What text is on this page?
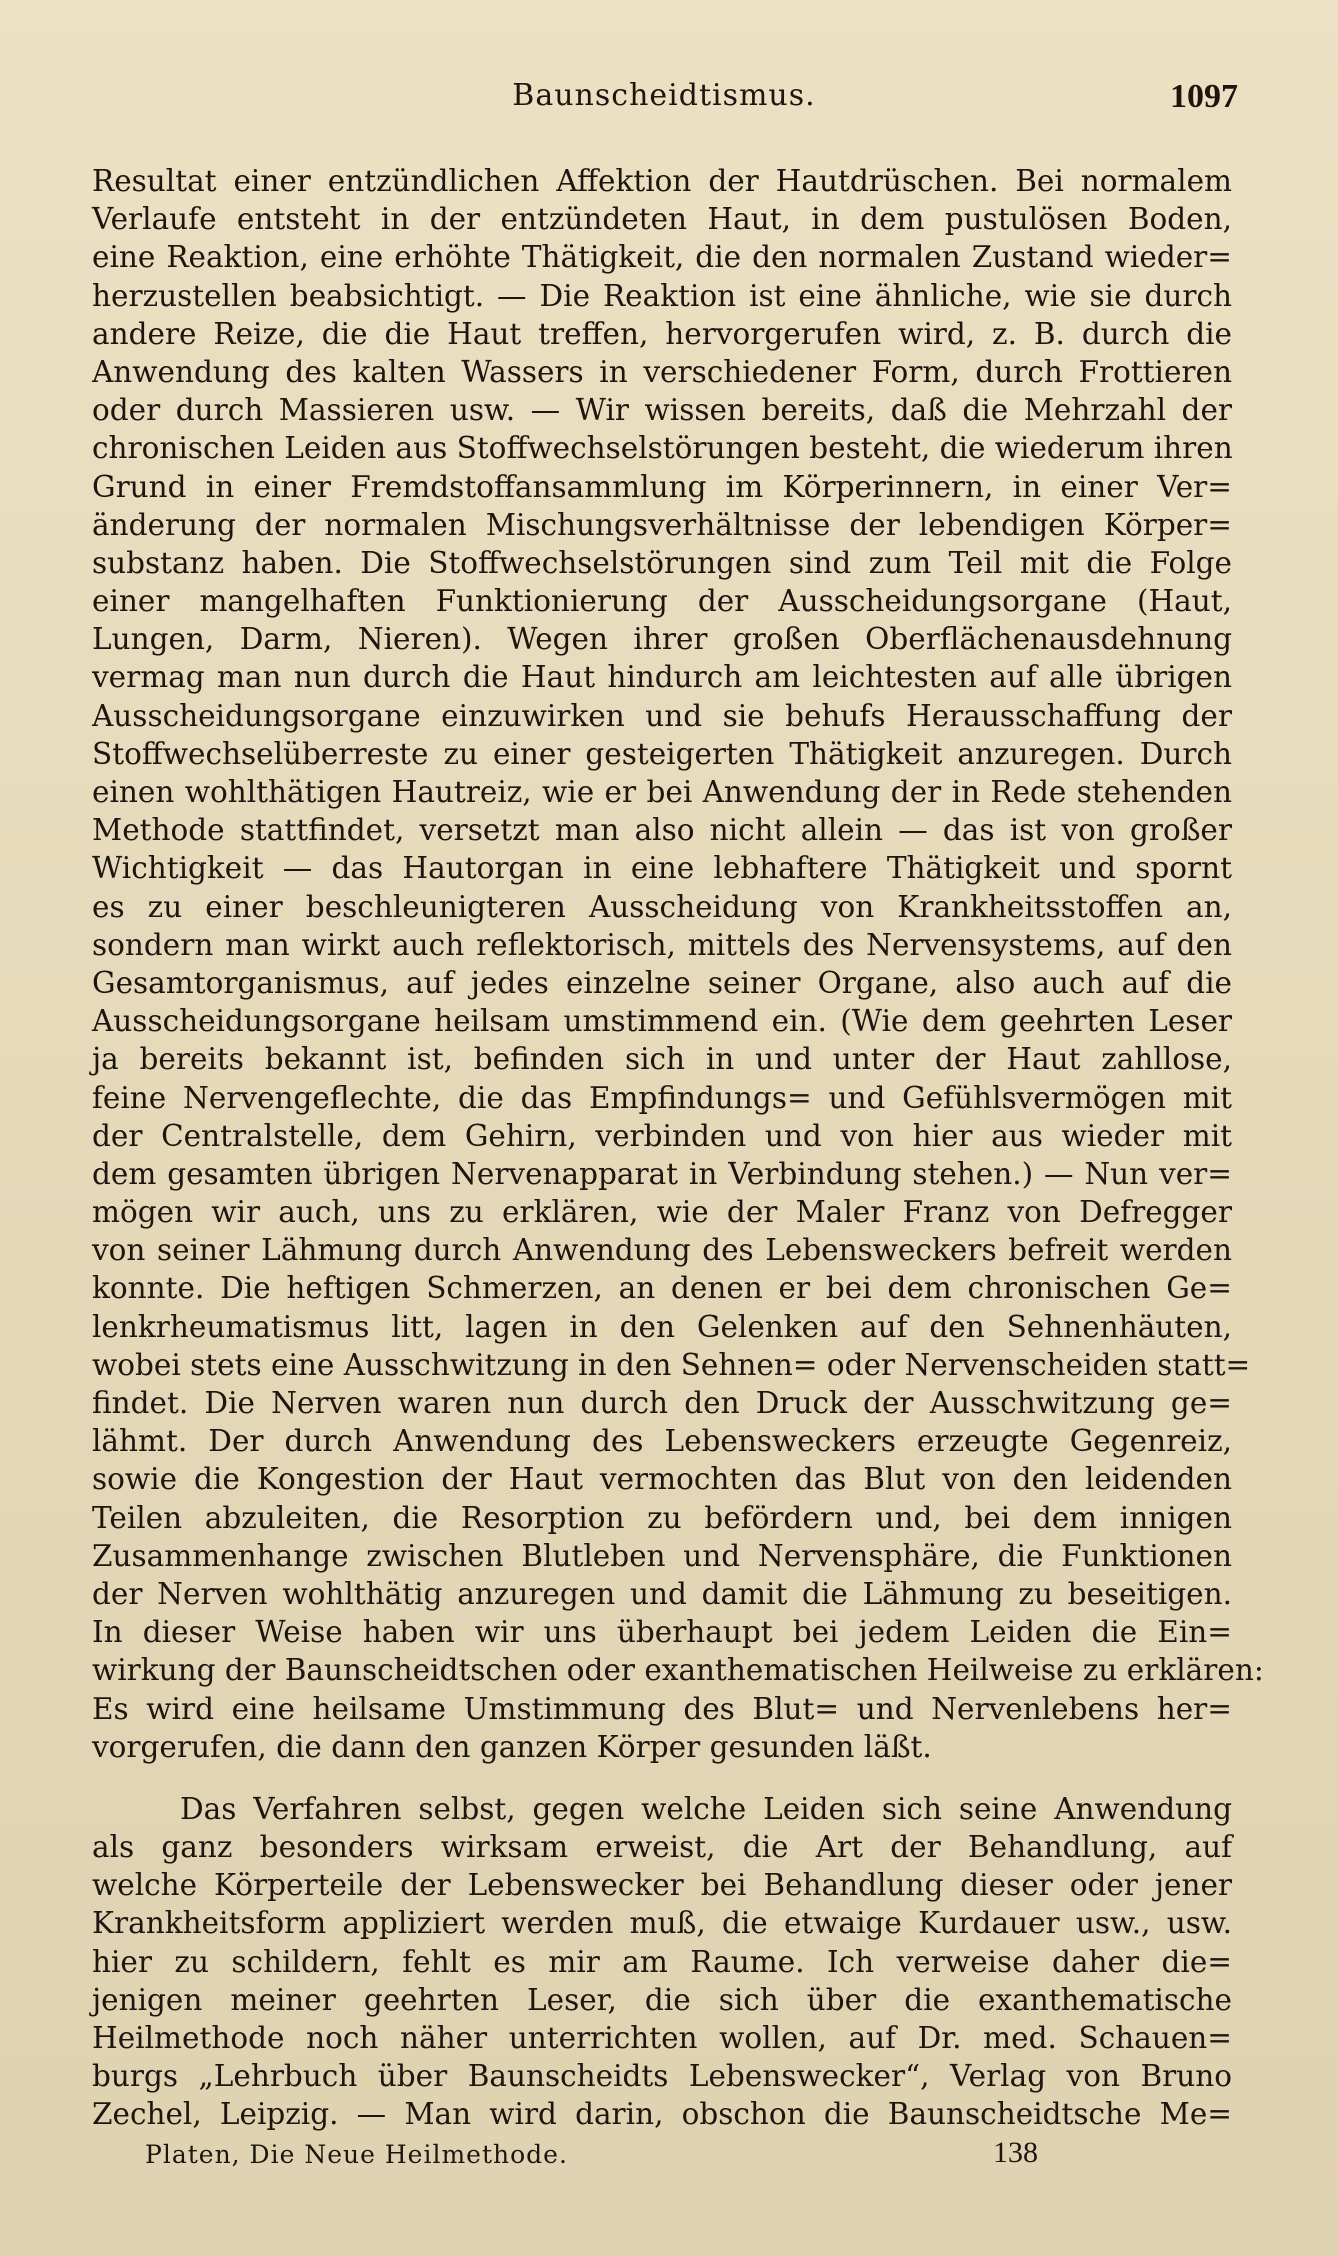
Baunscheidtismus.	1097
Resultat einer entzündlichen Affektion der Hautdrüschen. Bei normalem
Verlaufe entsteht in der entzündeten Haut, in dem pustulösen Boden,
eine Reaktion, eine erhöhte Thätigkeit, die den normalen Zustand wieder=
herzustellen beabsichtigt. — Die Reaktion ist eine ähnliche, wie sie durch
andere Reize, die die Haut treffen, hervorgerufen wird, z. B. durch die
Anwendung des kalten Wassers in verschiedener Form, durch Frottieren
oder durch Massieren usw. — Wir wissen bereits, daß die Mehrzahl der
chronischen Leiden aus Stoffwechselstörungen besteht, die wiederum ihren
Grund in einer Fremdstoffansammlung im Körperinnern, in einer Ver=
änderung der normalen Mischungsverhältnisse der lebendigen Körper=
substanz haben. Die Stoffwechselstörungen sind zum Teil mit die Folge
einer mangelhaften Funktionierung der Ausscheidungsorgane (Haut,
Lungen, Darm, Nieren). Wegen ihrer großen Oberflächenausdehnung
vermag man nun durch die Haut hindurch am leichtesten auf alle übrigen
Ausscheidungsorgane einzuwirken und sie behufs Herausschaffung der
Stoffwechselüberreste zu einer gesteigerten Thätigkeit anzuregen. Durch
einen wohlthätigen Hautreiz, wie er bei Anwendung der in Rede stehenden
Methode stattfindet, versetzt man also nicht allein — das ist von großer
Wichtigkeit — das Hautorgan in eine lebhaftere Thätigkeit und spornt
es zu einer beschleunigteren Ausscheidung von Krankheitsstoffen an,
sondern man wirkt auch reflektorisch, mittels des Nervensystems, auf den
Gesamtorganismus, auf jedes einzelne seiner Organe, also auch auf die
Ausscheidungsorgane heilsam umstimmend ein. (Wie dem geehrten Leser
ja bereits bekannt ist, befinden sich in und unter der Haut zahllose,
feine Nervengeflechte, die das Empfindungs= und Gefühlsvermögen mit
der Centralstelle, dem Gehirn, verbinden und von hier aus wieder mit
dem gesamten übrigen Nervenapparat in Verbindung stehen.) — Nun ver=
mögen wir auch, uns zu erklären, wie der Maler Franz von Defregger
von seiner Lähmung durch Anwendung des Lebensweckers befreit werden
konnte. Die heftigen Schmerzen, an denen er bei dem chronischen Ge=
lenkrheumatismus litt, lagen in den Gelenken auf den Sehnenhäuten,
wobei stets eine Ausschwitzung in den Sehnen= oder Nervenscheiden statt=
findet. Die Nerven waren nun durch den Druck der Ausschwitzung ge=
lähmt. Der durch Anwendung des Lebensweckers erzeugte Gegenreiz,
sowie die Kongestion der Haut vermochten das Blut von den leidenden
Teilen abzuleiten, die Resorption zu befördern und, bei dem innigen
Zusammenhange zwischen Blutleben und Nervensphäre, die Funktionen
der Nerven wohlthätig anzuregen und damit die Lähmung zu beseitigen.
In dieser Weise haben wir uns überhaupt bei jedem Leiden die Ein=
wirkung der Baunscheidtschen oder exanthematischen Heilweise zu erklären:
Es wird eine heilsame Umstimmung des Blut= und Nervenlebens her=
vorgerufen, die dann den ganzen Körper gesunden läßt.
Das Verfahren selbst, gegen welche Leiden sich seine Anwendung
als ganz besonders wirksam erweist, die Art der Behandlung, auf
welche Körperteile der Lebenswecker bei Behandlung dieser oder jener
Krankheitsform appliziert werden muß, die etwaige Kurdauer usw., usw.
hier zu schildern, fehlt es mir am Raume. Ich verweise daher die=
jenigen meiner geehrten Leser, die sich über die exanthematische
Heilmethode noch näher unterrichten wollen, auf Dr. med. Schauen=
burgs „Lehrbuch über Baunscheidts Lebenswecker“, Verlag von Bruno
Zechel, Leipzig. — Man wird darin, obschon die Baunscheidtsche Me=
Platen, Die Neue Heilmethode.	138
